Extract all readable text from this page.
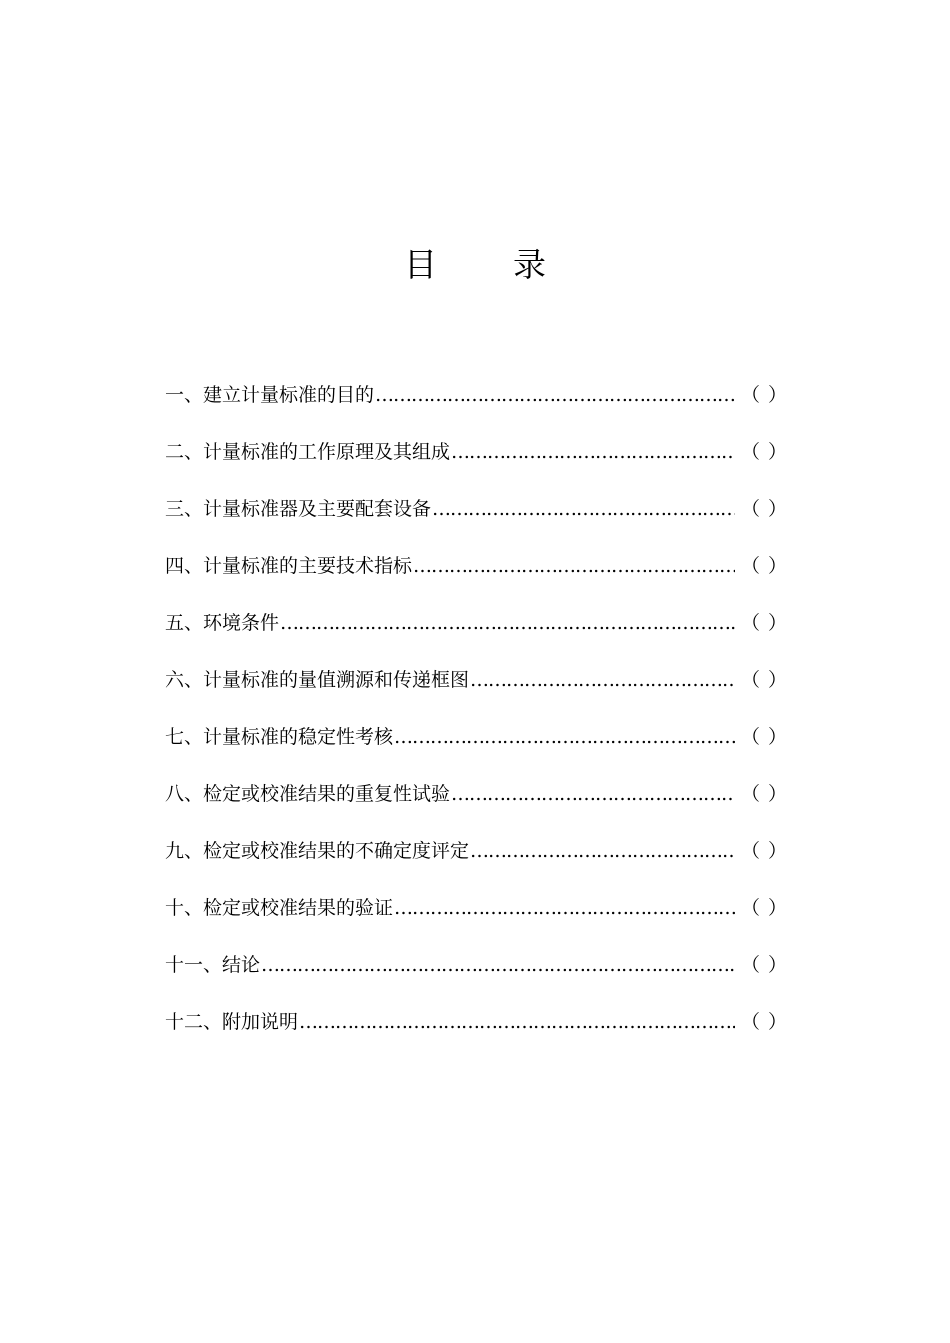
目	录
一、建立计量标准的目的 …………………………………………………………………………………………………………………………	（ ）
二、计量标准的工作原理及其组成 …………………………………………………………………………………………………………………………	（ ）
三、计量标准器及主要配套设备 …………………………………………………………………………………………………………………………	（ ）
四、计量标准的主要技术指标 …………………………………………………………………………………………………………………………	（ ）
五、环境条件 …………………………………………………………………………………………………………………………	（ ）
六、计量标准的量值溯源和传递框图 …………………………………………………………………………………………………………………………	（ ）
七、计量标准的稳定性考核 …………………………………………………………………………………………………………………………	（ ）
八、检定或校准结果的重复性试验 …………………………………………………………………………………………………………………………	（ ）
九、检定或校准结果的不确定度评定 …………………………………………………………………………………………………………………………	（ ）
十、检定或校准结果的验证 …………………………………………………………………………………………………………………………	（ ）
十一、结论 …………………………………………………………………………………………………………………………	（ ）
十二、附加说明 …………………………………………………………………………………………………………………………	（ ）
